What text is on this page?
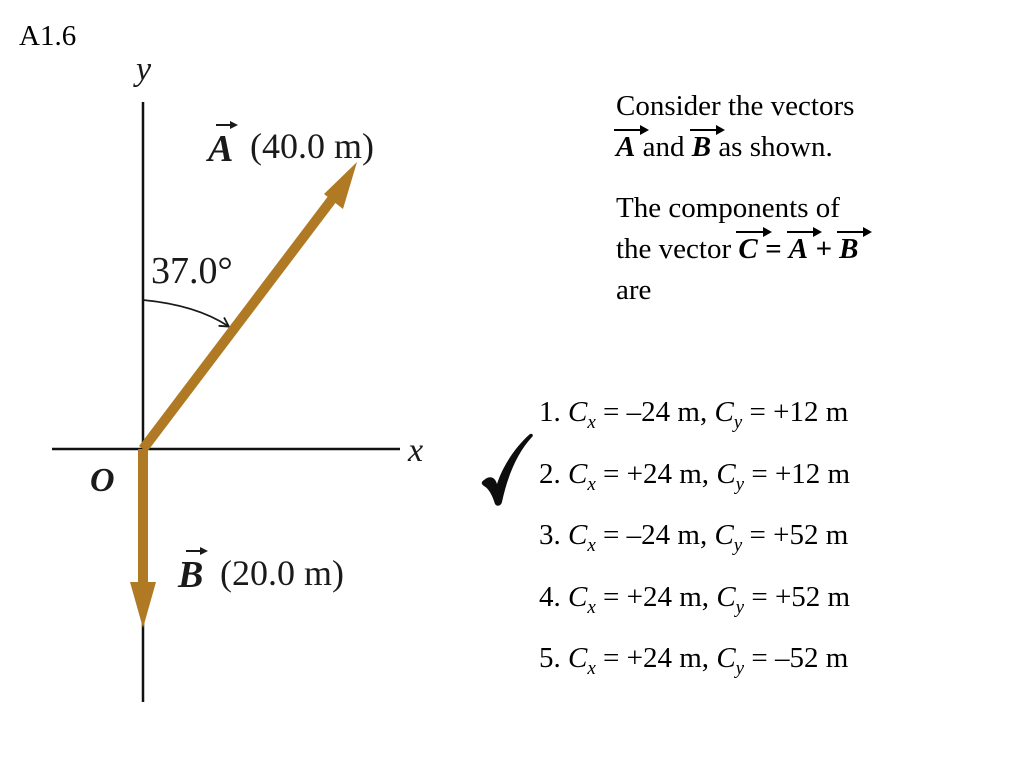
A1.6
y
x
O
37.0°
A (40.0 m)
B (20.0 m)

Consider the vectors
A and B as shown.

The components of
the vector C = A + B
are

1. $C_x = -24$ m, $C_y = +12$ m
2. $C_x = +24$ m, $C_y = +12$ m
3. $C_x = -24$ m, $C_y = +52$ m
4. $C_x = +24$ m, $C_y = +52$ m
5. $C_x = +24$ m, $C_y = -52$ m
